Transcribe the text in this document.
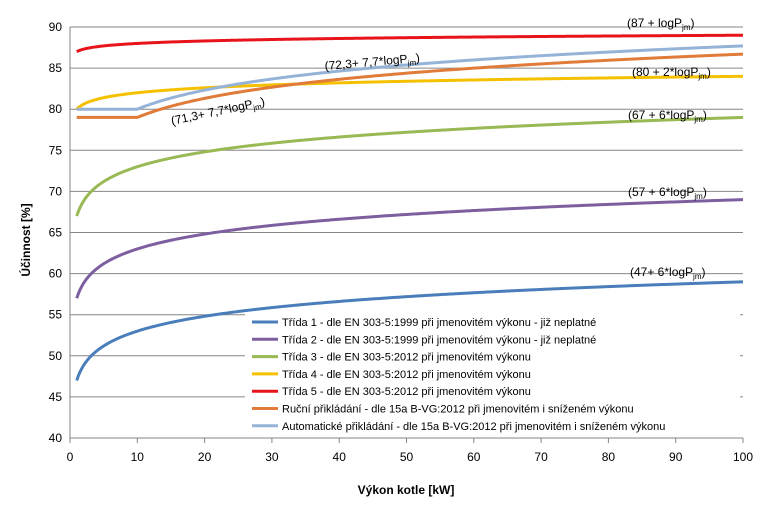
40
45
50
55
60
65
70
75
80
85
90
0	10	20	30	40	50	60	70	80	90	100
(87 + logP$_{jm}$)
(72,3+ 7,7*logP$_{jm}$)
(80 + 2*logP$_{jm}$)
(71,3+ 7,7*logP$_{jm}$)
(67 + 6*logP$_{jm}$)
(57 + 6*logP$_{jm}$)
(47+ 6*logP$_{jm}$)
Třída 1 - dle EN 303-5:1999 při jmenovitém výkonu - již neplatné
Třída 2 - dle EN 303-5:1999 při jmenovitém výkonu - již neplatné
Třída 3 - dle EN 303-5:2012 při jmenovitém výkonu
Třída 4 - dle EN 303-5:2012 při jmenovitém výkonu
Třída 5 - dle EN 303-5:2012 při jmenovitém výkonu
Ruční přikládání - dle 15a B-VG:2012 při jmenovitém i sníženém výkonu
Automatické přikládání - dle 15a B-VG:2012 při jmenovitém i sníženém výkonu
Účinnost [%]
Výkon kotle [kW]
